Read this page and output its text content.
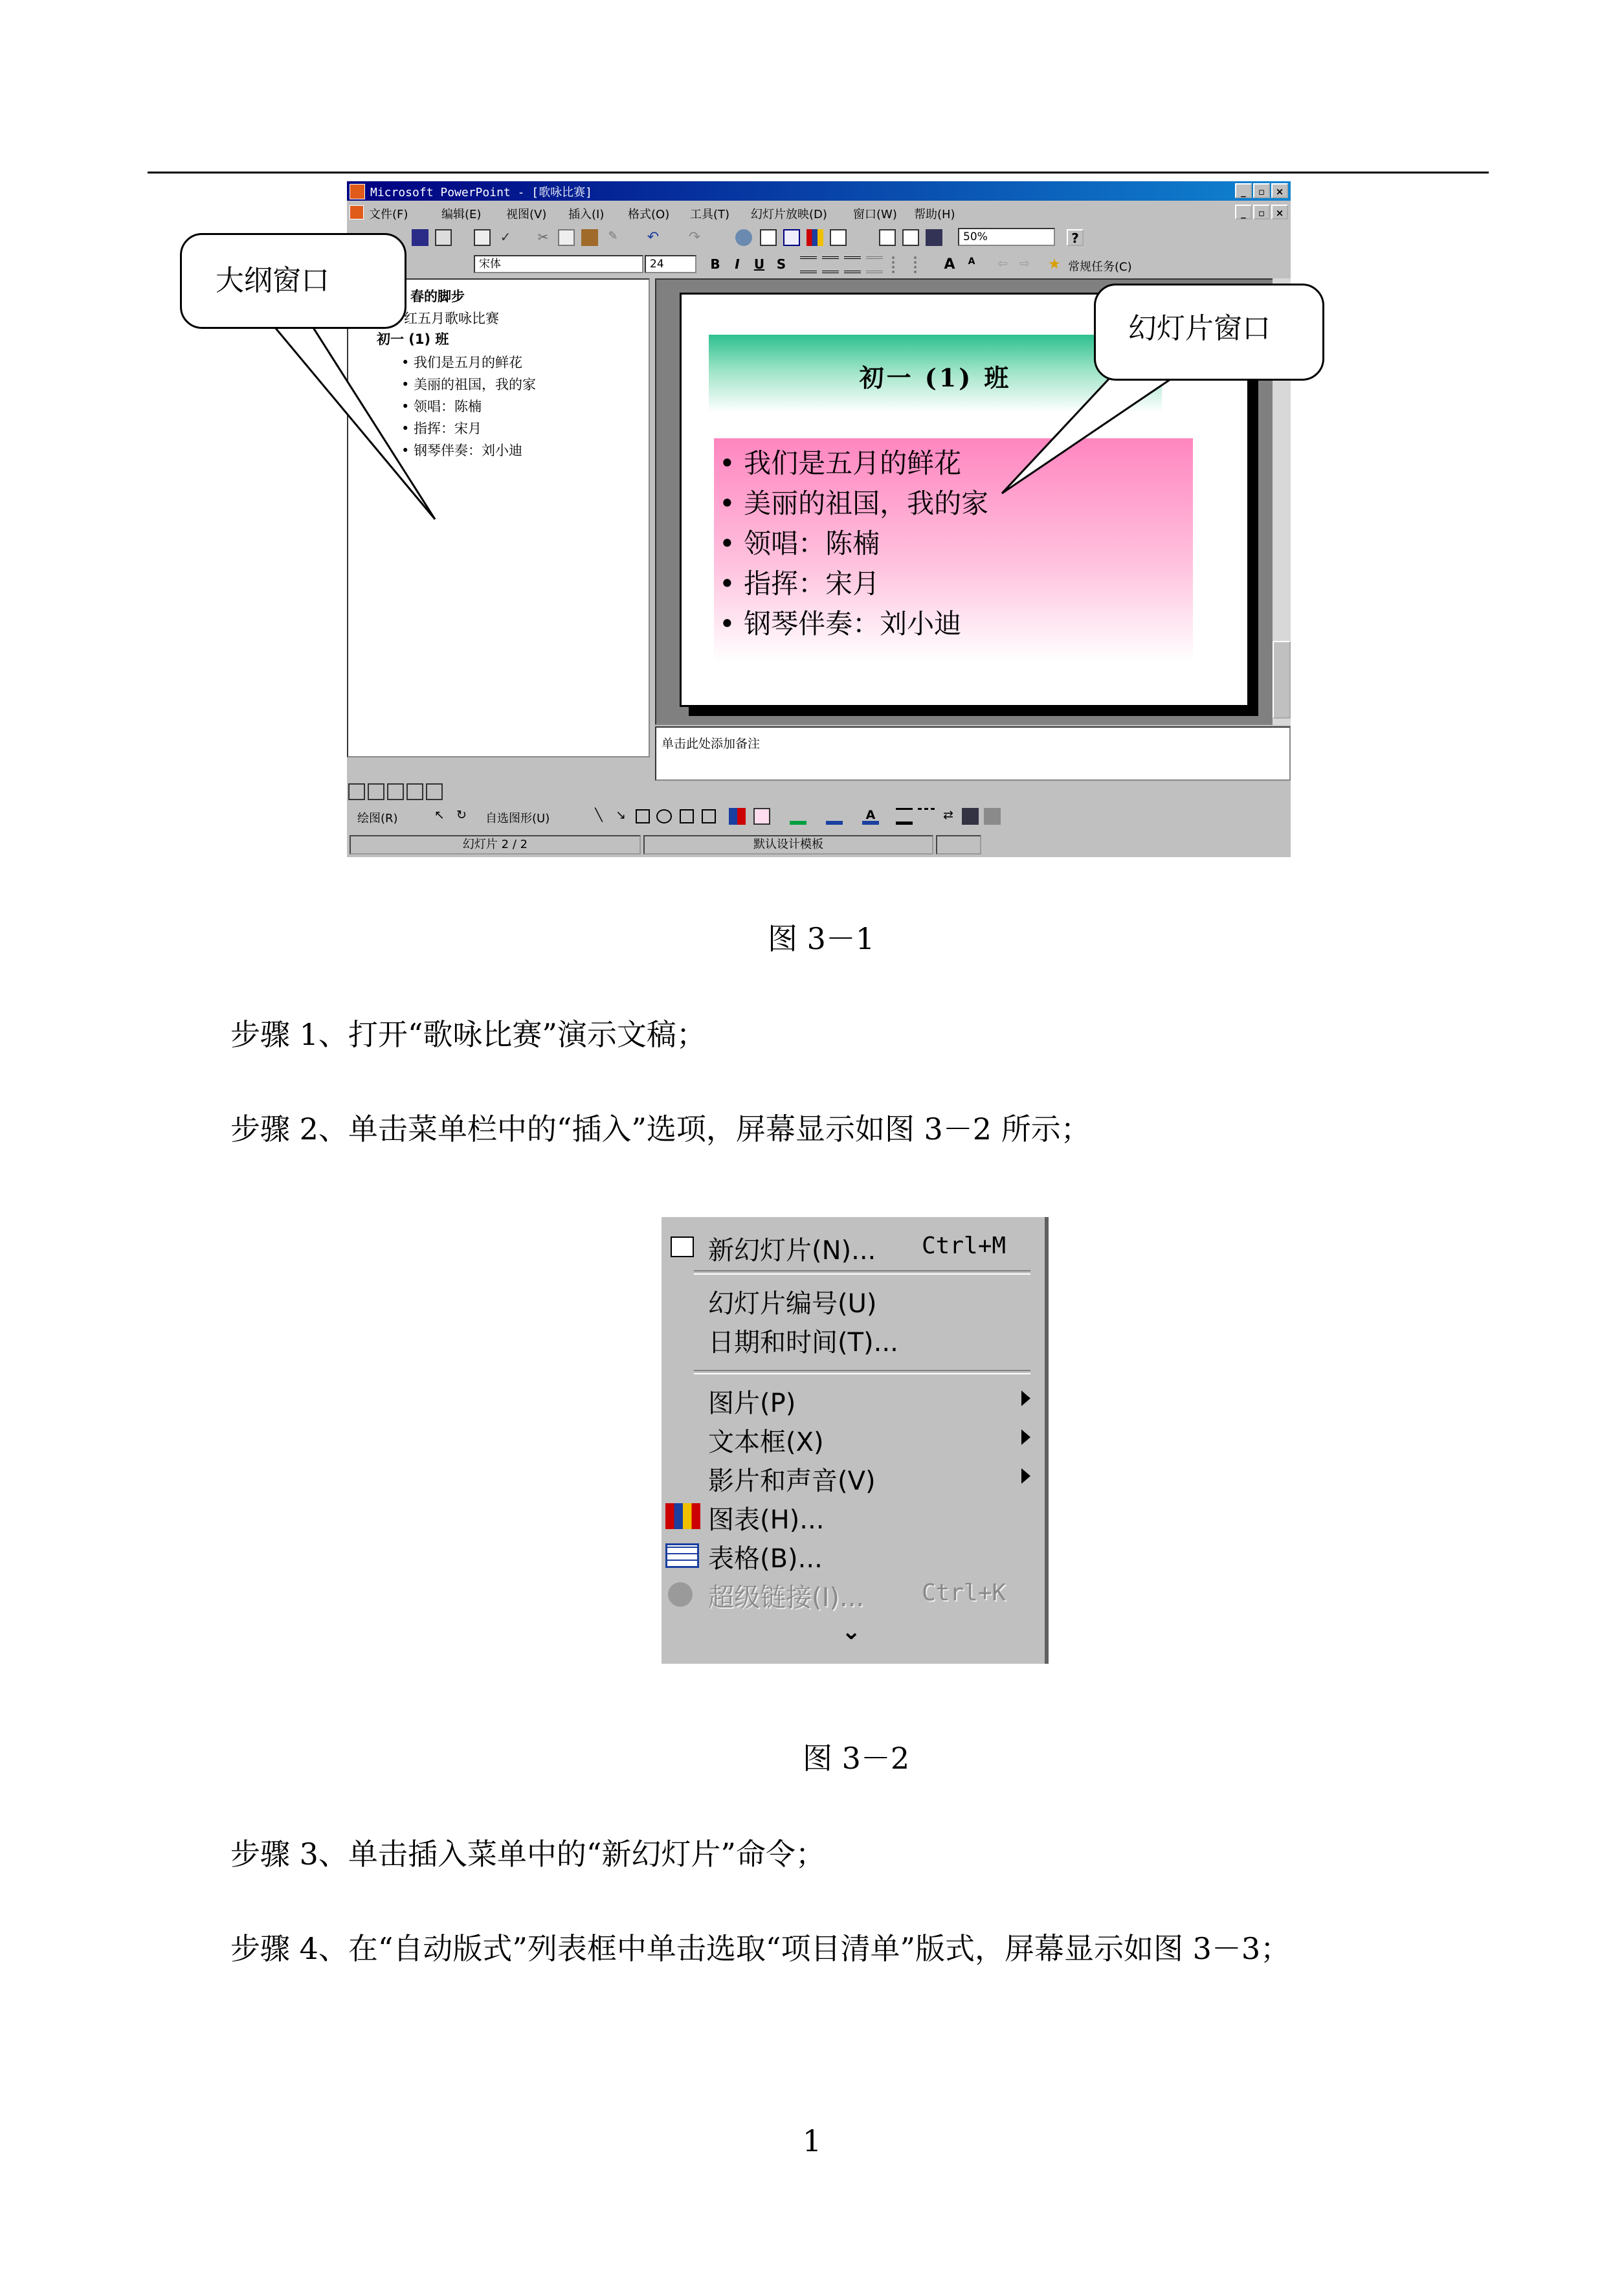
Microsoft PowerPoint - [歌咏比赛]	_	▫	×
文件(F)	编辑(E) 视图(V) 插入(I) 格式(O) 工具(T) 幻灯片放映(D) 窗口(W) 帮助(H)	_	▫	×
✓ ✂	✎ ↶ ↷	50%	?
宋体	24	B	I	U S	A	A	⇦ ⇨ ★ 常规任务(C)
春的脚步
红五月歌咏比赛
初一 (1) 班
• 我们是五月的鲜花
• 美丽的祖国，我的家
• 领唱：陈楠
• 指挥：宋月
• 钢琴伴奏：刘小迪
初一 (1) 班
• 我们是五月的鲜花
• 美丽的祖国，我的家
• 领唱：陈楠
• 指挥：宋月
• 钢琴伴奏：刘小迪
单击此处添加备注
绘图(R)	↖ ↻ 自选图形(U)	╲	↘	A	⇄
幻灯片 2 / 2	默认设计模板
大纲窗口
幻灯片窗口
图 3－1
步骤 1、打开“歌咏比赛”演示文稿；
步骤 2、单击菜单栏中的“插入”选项，屏幕显示如图 3－2 所示；
新幻灯片(N)... Ctrl+M
幻灯片编号(U)
日期和时间(T)...
图片(P)
文本框(X)
影片和声音(V)
图表(H)...
表格(B)...
超级链接(I)... Ctrl+K
⌄
图 3－2
步骤 3、单击插入菜单中的“新幻灯片”命令；
步骤 4、在“自动版式”列表框中单击选取“项目清单”版式，屏幕显示如图 3－3；
1
